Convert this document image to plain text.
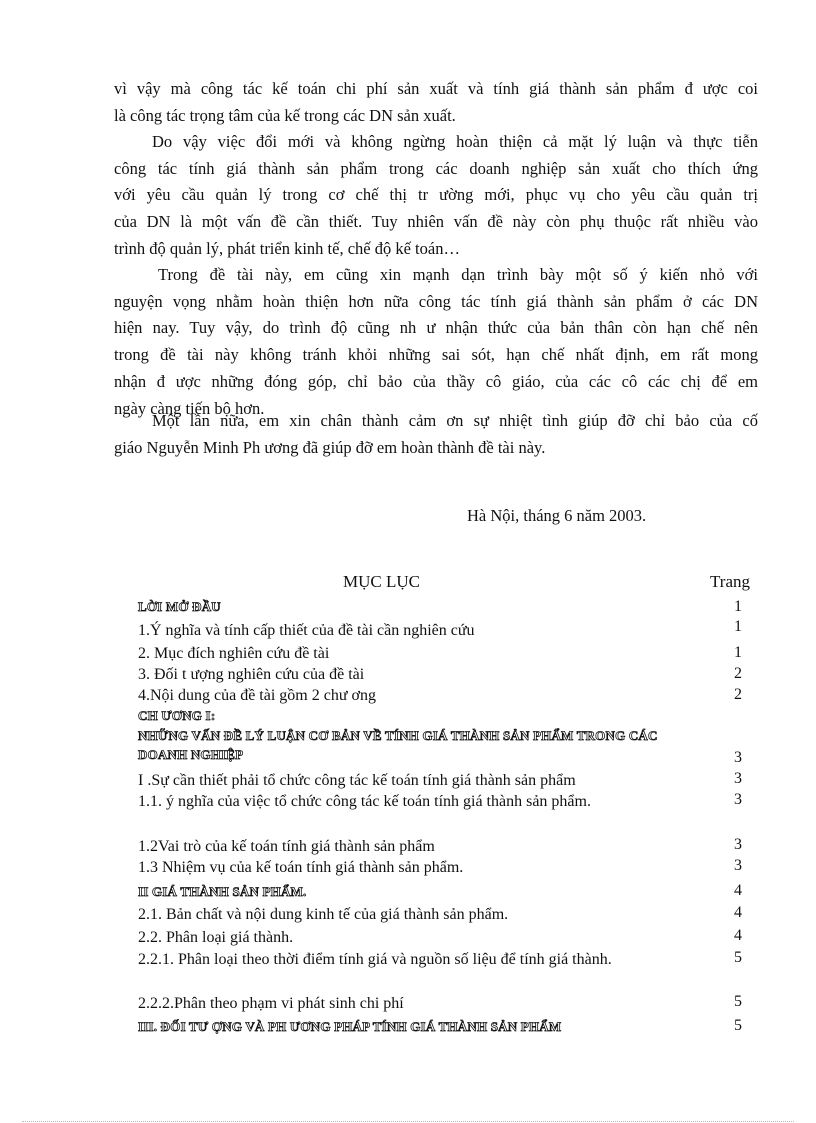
vì vậy mà công tác kế toán chi phí sản xuất và tính giá thành sản phẩm đ ược coi
là công tác trọng tâm của kế trong các DN sản xuất.
Do vậy việc đổi mới và không ngừng hoàn thiện cả mặt lý luận và thực tiễn
công tác tính giá thành sản phẩm trong các doanh nghiệp sản xuất cho thích ứng
với yêu cầu quản lý trong cơ chế thị tr ường mới, phục vụ cho yêu cầu quản trị
của DN là một vấn đề cần thiết. Tuy nhiên vấn đề này còn phụ thuộc rất nhiều vào
trình độ quản lý, phát triển kinh tế, chế độ kế toán…
Trong đề tài này, em cũng xin mạnh dạn trình bày một số ý kiến nhỏ với
nguyện vọng nhằm hoàn thiện hơn nữa công tác tính giá thành sản phẩm ở các DN
hiện nay. Tuy vậy, do trình độ cũng nh ư nhận thức của bản thân còn hạn chế nên
trong đề tài này không tránh khỏi những sai sót, hạn chế nhất định, em rất mong
nhận đ ược những đóng góp, chỉ bảo của thầy cô giáo, của các cô các chị để em
ngày càng tiến bộ hơn.
Một lần nữa, em xin chân thành cảm ơn sự nhiệt tình giúp đỡ chỉ bảo của cố
giáo Nguyễn Minh Ph ương đã giúp đỡ em hoàn thành đề tài này.

Hà Nội, tháng 6 năm 2003.

MỤC LỤC	Trang

LỜI MỞ ĐẦU	1
1.Ý nghĩa và tính cấp thiết của đề tài cần nghiên cứu	1
2. Mục đích nghiên cứu đề tài	1
3. Đối t ượng nghiên cứu của đề tài	2
4.Nội dung của đề tài gồm 2 chư ơng	2
CH ƯƠNG I:
NHỮNG VẤN ĐỀ LÝ LUẬN CƠ BẢN VỀ TÍNH GIÁ THÀNH SẢN PHẨM TRONG CÁC DOANH NGHIỆP	3
I .Sự cần thiết phải tổ chức công tác kế toán tính giá thành sản phẩm	3
1.1. ý nghĩa của việc tổ chức công tác kế toán tính giá thành sản phẩm.	3
1.2Vai trò của kế toán tính giá thành sản phẩm	3
1.3 Nhiệm vụ của kế toán tính giá thành sản phẩm.	3
II GIÁ THÀNH SẢN PHẨM.	4
2.1. Bản chất và nội dung kinh tế của giá thành sản phẩm.	4
2.2. Phân loại giá thành.	4
2.2.1. Phân loại theo thời điểm tính giá và nguồn số liệu để tính giá thành.	5
2.2.2.Phân theo phạm vi phát sinh chi phí	5
III. ĐỐI TƯ ỢNG VÀ PH ƯƠNG PHÁP TÍNH GIÁ THÀNH SẢN PHẨM	5
